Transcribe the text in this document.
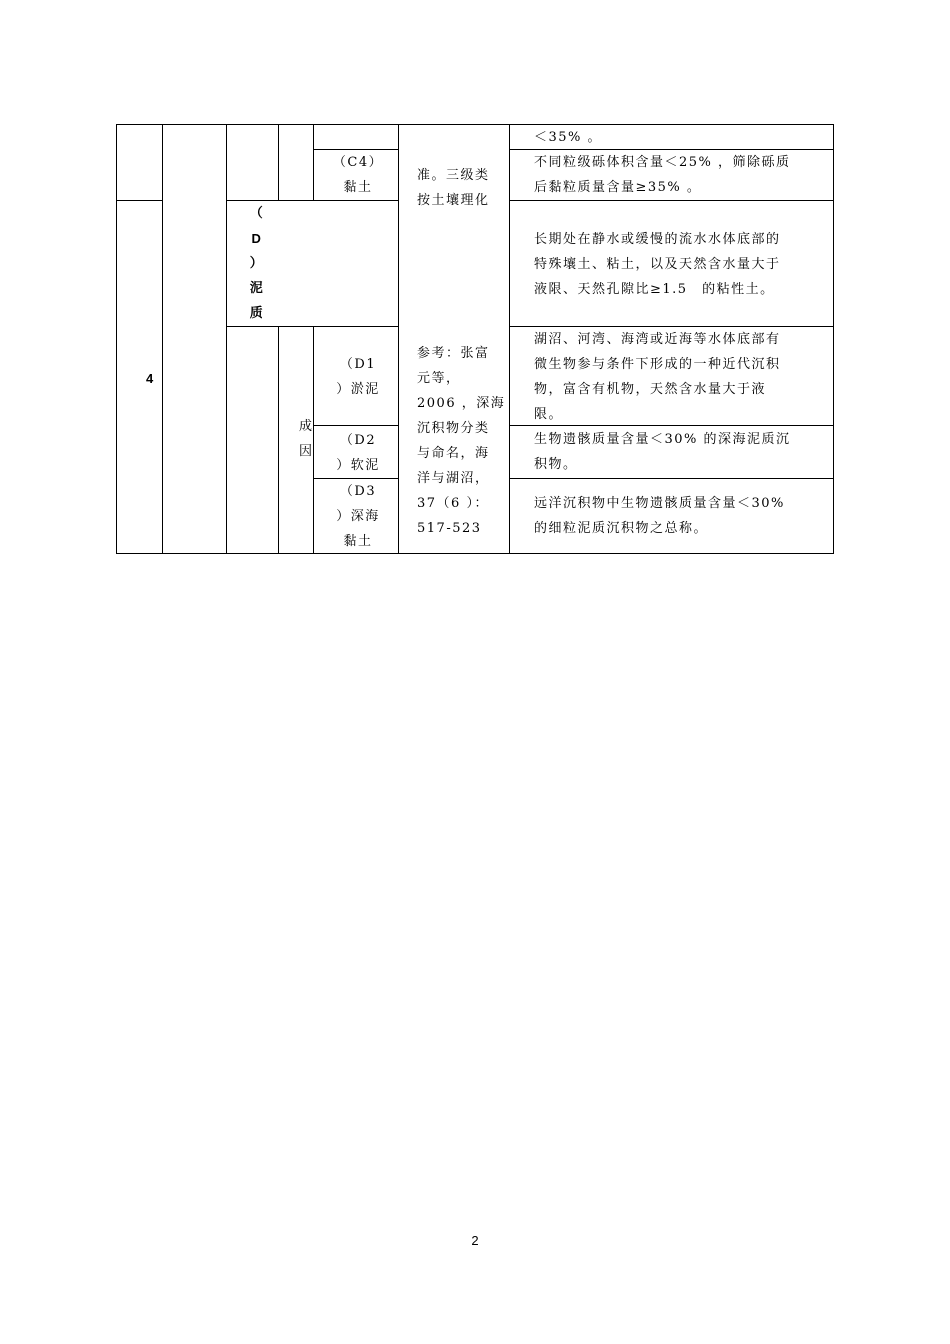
4
（
D
）
泥
质
成
因
（C4）
黏土
（D1
）淤泥
（D2
）软泥
（D3
）深海
黏土
准。三级类
按土壤理化
参考：张富
元等，
2006 ，深海
沉积物分类
与命名，海
洋与湖沼，
37（6 ）：
517-523
＜35% 。
不同粒级砾体积含量＜25% ，筛除砾质
后黏粒质量含量≥35% 。
长期处在静水或缓慢的流水水体底部的
特殊壤土、粘土，以及天然含水量大于
液限、天然孔隙比≥1.5　的粘性土。
湖沼、河湾、海湾或近海等水体底部有
微生物参与条件下形成的一种近代沉积
物，富含有机物，天然含水量大于液
限。
生物遗骸质量含量＜30% 的深海泥质沉
积物。
远洋沉积物中生物遗骸质量含量＜30%
的细粒泥质沉积物之总称。
2
